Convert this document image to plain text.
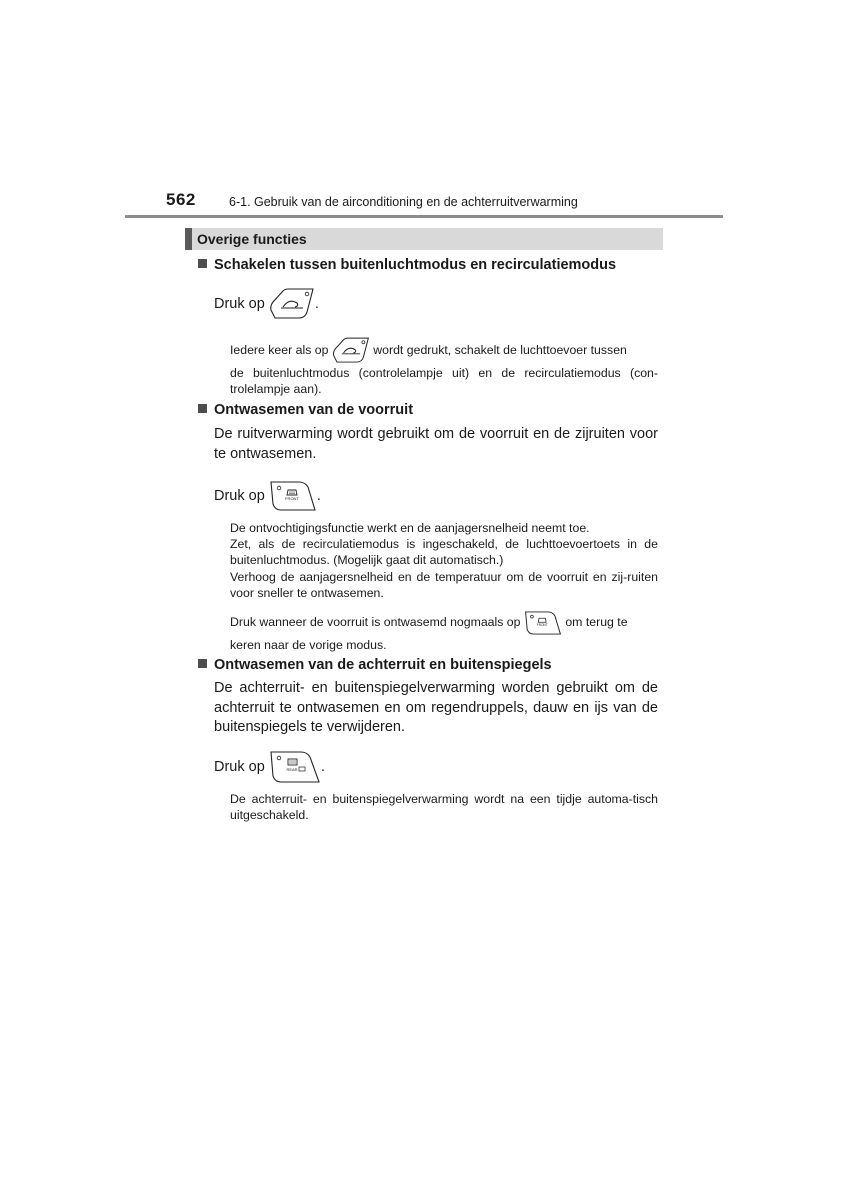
562	6-1. Gebruik van de airconditioning en de achterruitverwarming
Overige functies
Schakelen tussen buitenluchtmodus en recirculatiemodus
Druk op	.
Iedere keer als op	wordt gedrukt, schakelt de luchttoevoer tussen
de buitenluchtmodus (controlelampje uit) en de recirculatiemodus (con-trolelampje aan).
Ontwasemen van de voorruit
De ruitverwarming wordt gebruikt om de voorruit en de zijruiten voor te ontwasemen.
Druk op	FRONT .
De ontvochtigingsfunctie werkt en de aanjagersnelheid neemt toe.
Zet, als de recirculatiemodus is ingeschakeld, de luchttoevoertoets in de buitenluchtmodus. (Mogelijk gaat dit automatisch.)
Verhoog de aanjagersnelheid en de temperatuur om de voorruit en zij-ruiten voor sneller te ontwasemen.
Druk wanneer de voorruit is ontwasemd nogmaals op	FRONT om terug te
keren naar de vorige modus.
Ontwasemen van de achterruit en buitenspiegels
De achterruit- en buitenspiegelverwarming worden gebruikt om de achterruit te ontwasemen en om regendruppels, dauw en ijs van de buitenspiegels te verwijderen.
Druk op	REAR .
De achterruit- en buitenspiegelverwarming wordt na een tijdje automa-tisch uitgeschakeld.
